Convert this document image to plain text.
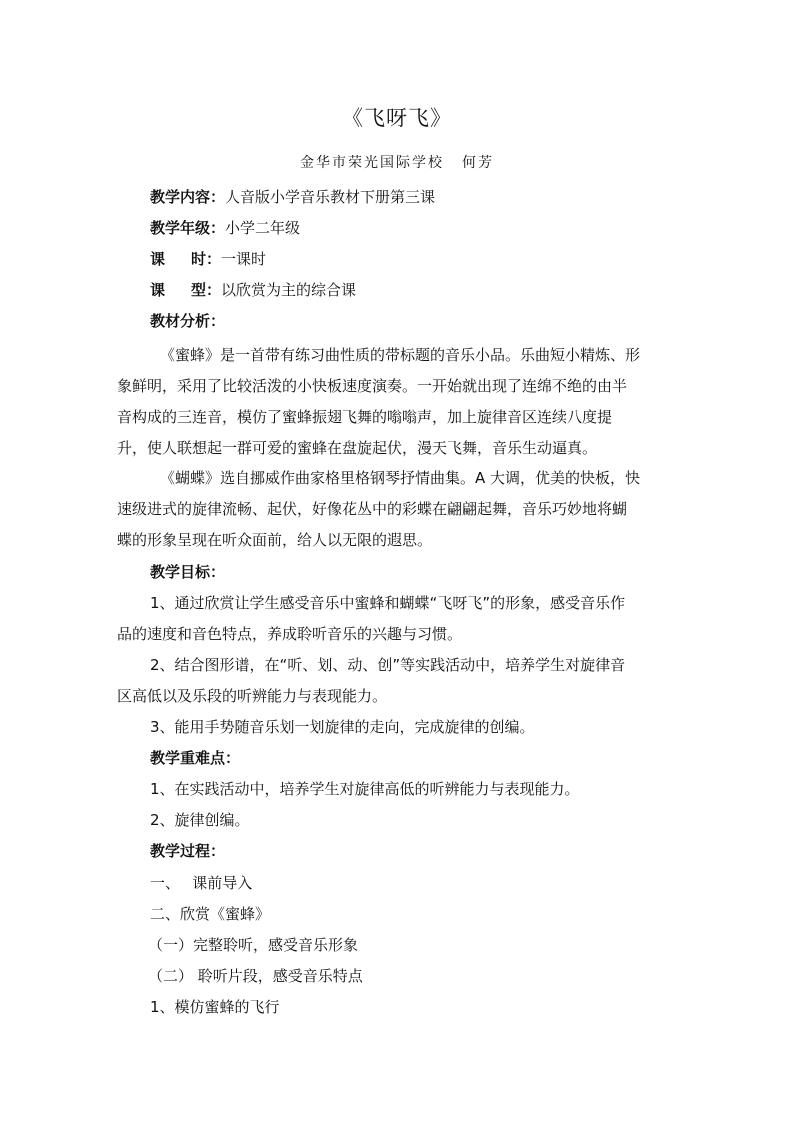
《飞呀飞》
金华市荣光国际学校 何芳
教学内容：人音版小学音乐教材下册第三课
教学年级：小学二年级
课 时：一课时
课 型：以欣赏为主的综合课
教材分析：
《蜜蜂》是一首带有练习曲性质的带标题的音乐小品。乐曲短小精炼、形
象鲜明，采用了比较活泼的小快板速度演奏。一开始就出现了连绵不绝的由半
音构成的三连音，模仿了蜜蜂振翅飞舞的嗡嗡声，加上旋律音区连续八度提
升，使人联想起一群可爱的蜜蜂在盘旋起伏，漫天飞舞，音乐生动逼真。
《蝴蝶》选自挪威作曲家格里格钢琴抒情曲集。A 大调，优美的快板，快
速级进式的旋律流畅、起伏，好像花丛中的彩蝶在翩翩起舞，音乐巧妙地将蝴
蝶的形象呈现在听众面前，给人以无限的遐思。
教学目标：
1、通过欣赏让学生感受音乐中蜜蜂和蝴蝶“飞呀飞”的形象，感受音乐作
品的速度和音色特点，养成聆听音乐的兴趣与习惯。
2、结合图形谱，在“听、划、动、创”等实践活动中，培养学生对旋律音
区高低以及乐段的听辨能力与表现能力。
3、能用手势随音乐划一划旋律的走向，完成旋律的创编。
教学重难点：
1、在实践活动中，培养学生对旋律高低的听辨能力与表现能力。
2、旋律创编。
教学过程：
一、　 课前导入
二、欣赏《蜜蜂》
（一）完整聆听，感受音乐形象
（二） 聆听片段，感受音乐特点
1、模仿蜜蜂的飞行
